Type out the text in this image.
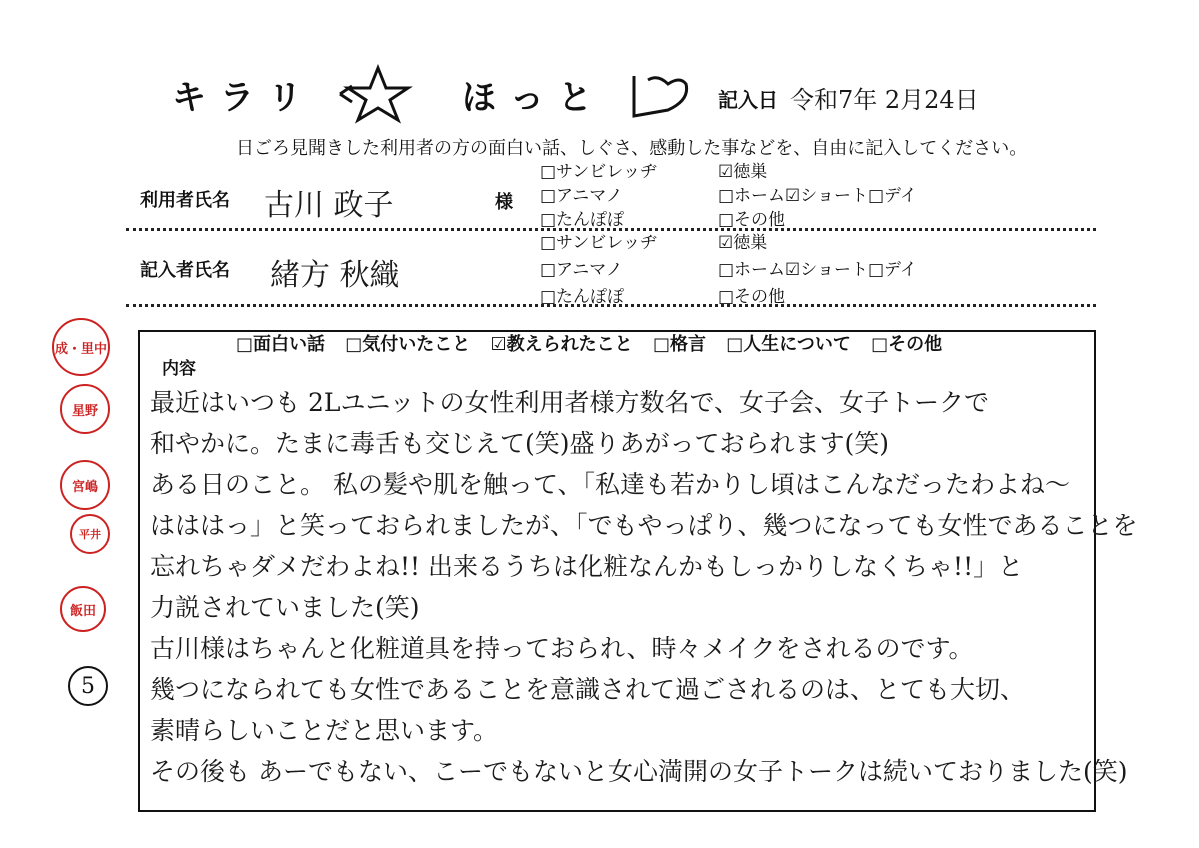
キラリ	ほっと	記入日 令和7年 2月24日
日ごろ見聞きした利用者の方の面白い話、しぐさ、感動した事などを、自由に記入してください。
利用者氏名 古川 政子	様
□サンビレッヂ
□アニマノ
□たんぽぽ
☑徳巣
□ホーム☑ショート□デイ
□その他
記入者氏名 緒方 秋織
□サンビレッヂ
□アニマノ
□たんぽぽ
☑徳巣
□ホーム☑ショート□デイ
□その他
□面白い話 □気付いたこと ☑教えられたこと □格言 □人生について □その他
内容
最近はいつも 2Lユニットの女性利用者様方数名で、女子会、女子トークで
和やかに。たまに毒舌も交じえて(笑)盛りあがっておられます(笑)
ある日のこと。 私の髪や肌を触って、「私達も若かりし頃はこんなだったわよね〜
はははっ」と笑っておられましたが、「でもやっぱり、幾つになっても女性であることを
忘れちゃダメだわよね!! 出来るうちは化粧なんかもしっかりしなくちゃ!!」と
力説されていました(笑)
古川様はちゃんと化粧道具を持っておられ、時々メイクをされるのです。
幾つになられても女性であることを意識されて過ごされるのは、とても大切、
素晴らしいことだと思います。
その後も あーでもない、こーでもないと女心満開の女子トークは続いておりました(笑)
成・里中
星野
宮嶋
平井
飯田
5
